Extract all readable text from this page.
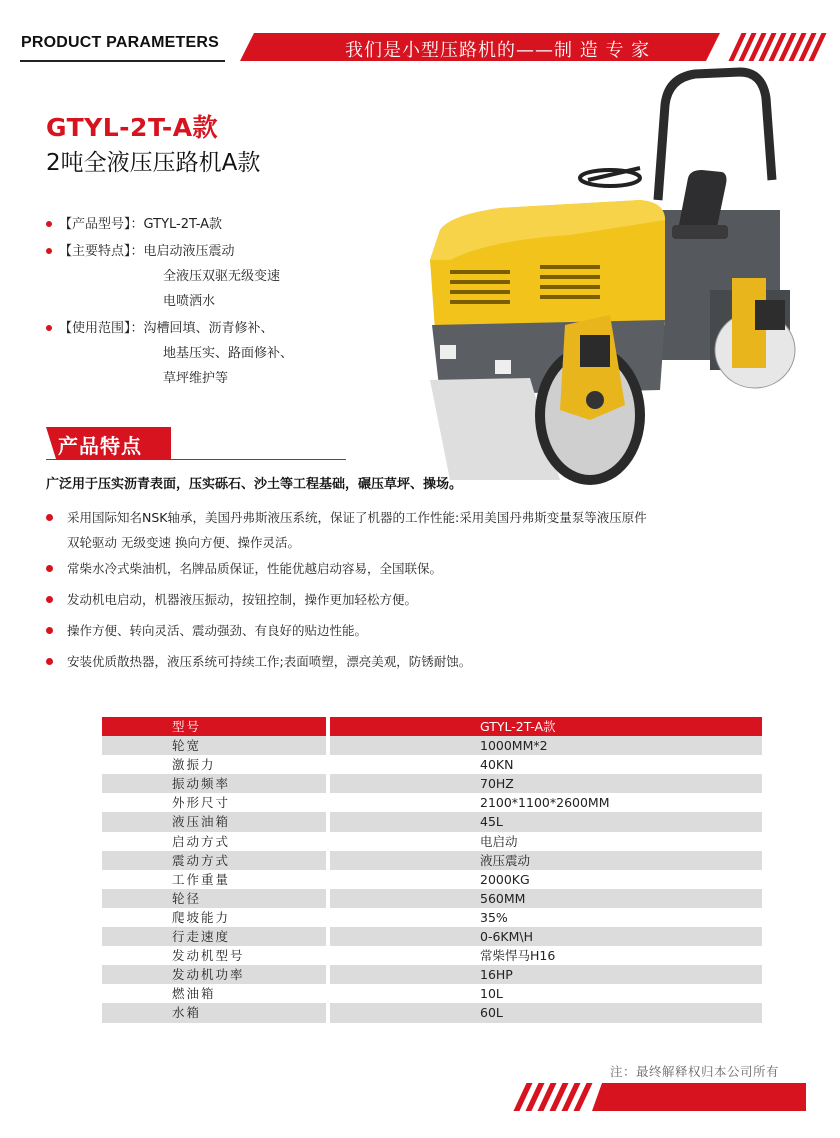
PRODUCT PARAMETERS	我们是小型压路机的——制 造 专 家
GTYL-2T-A款
2吨全液压压路机A款
【产品型号】：GTYL-2T-A款
【主要特点】：电启动液压震动
全液压双驱无级变速
电喷洒水
【使用范围】：沟槽回填、沥青修补、
地基压实、路面修补、
草坪维护等
产品特点
广泛用于压实沥青表面，压实砾石、沙土等工程基础，碾压草坪、操场。
采用国际知名NSK轴承，美国丹弗斯液压系统，保证了机器的工作性能:采用美国丹弗斯变量泵等液压原件
双轮驱动 无级变速 换向方便、操作灵活。
常柴水冷式柴油机，名牌品质保证，性能优越启动容易，全国联保。
发动机电启动，机器液压振动，按钮控制，操作更加轻松方便。
操作方便、转向灵活、震动强劲、有良好的贴边性能。
安装优质散热器，液压系统可持续工作;表面喷塑，漂亮美观，防锈耐蚀。
型号	GTYL-2T-A款
轮宽	1000MM*2
激振力	40KN
振动频率	70HZ
外形尺寸	2100*1100*2600MM
液压油箱	45L
启动方式	电启动
震动方式	液压震动
工作重量	2000KG
轮径	560MM
爬坡能力	35%
行走速度	0-6KM\H
发动机型号	常柴悍马H16
发动机功率	16HP
燃油箱	10L
水箱	60L
注：最终解释权归本公司所有
